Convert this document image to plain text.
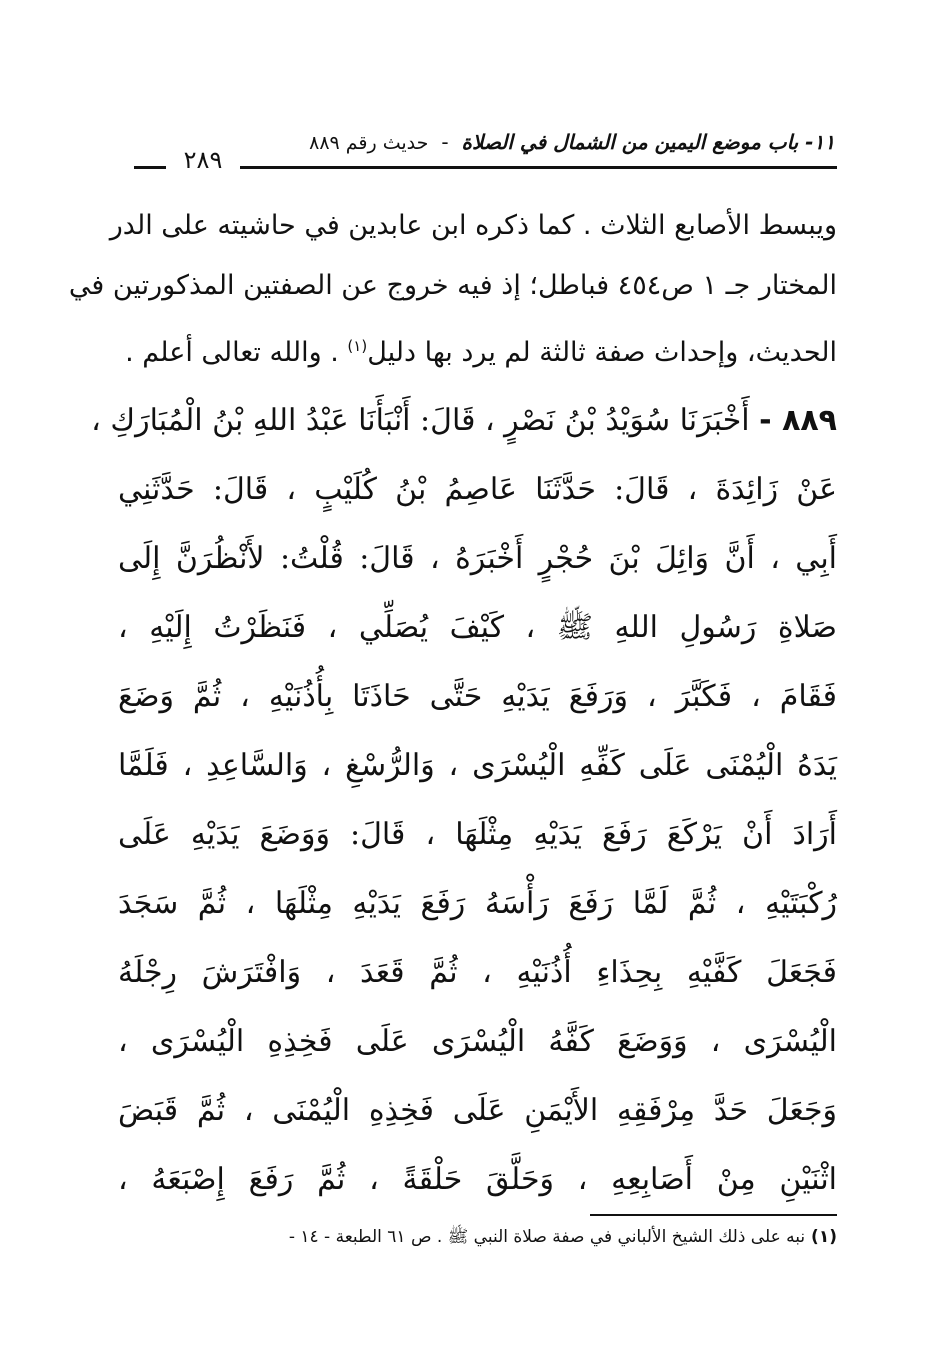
١١- باب موضع اليمين من الشمال في الصلاة - حديث رقم ٨٨٩
٢٨٩
ويبسط الأصابع الثلاث . كما ذكره ابن عابدين في حاشيته على الدر
المختار جـ ١ ص٤٥٤ فباطل؛ إذ فيه خروج عن الصفتين المذكورتين في
الحديث، وإحداث صفة ثالثة لم يرد بها دليل$^{(١)}$ . والله تعالى أعلم .
٨٨٩ - أَخْبَرَنَا سُوَيْدُ بْنُ نَصْرٍ ، قَالَ: أَنْبَأَنَا عَبْدُ اللهِ بْنُ الْمُبَارَكِ ،
عَنْ زَائِدَةَ ، قَالَ: حَدَّثَنَا عَاصِمُ بْنُ كُلَيْبٍ ، قَالَ: حَدَّثَنِي
أَبِي ، أَنَّ وَائِلَ بْنَ حُجْرٍ أَخْبَرَهُ ، قَالَ: قُلْتُ: لأَنْظُرَنَّ إِلَى
صَلاةِ رَسُولِ اللهِ ﷺ ، كَيْفَ يُصَلِّي ، فَنَظَرْتُ إِلَيْهِ ،
فَقَامَ ، فَكَبَّرَ ، وَرَفَعَ يَدَيْهِ حَتَّى حَاذَتَا بِأُذُنَيْهِ ، ثُمَّ وَضَعَ
يَدَهُ الْيُمْنَى عَلَى كَفِّهِ الْيُسْرَى ، وَالرُّسْغِ ، وَالسَّاعِدِ ، فَلَمَّا
أَرَادَ أَنْ يَرْكَعَ رَفَعَ يَدَيْهِ مِثْلَهَا ، قَالَ: وَوَضَعَ يَدَيْهِ عَلَى
رُكْبَتَيْهِ ، ثُمَّ لَمَّا رَفَعَ رَأْسَهُ رَفَعَ يَدَيْهِ مِثْلَهَا ، ثُمَّ سَجَدَ
فَجَعَلَ كَفَّيْهِ بِحِذَاءِ أُذُنَيْهِ ، ثُمَّ قَعَدَ ، وَافْتَرَشَ رِجْلَهُ
الْيُسْرَى ، وَوَضَعَ كَفَّهُ الْيُسْرَى عَلَى فَخِذِهِ الْيُسْرَى ،
وَجَعَلَ حَدَّ مِرْفَقِهِ الأَيْمَنِ عَلَى فَخِذِهِ الْيُمْنَى ، ثُمَّ قَبَضَ
اثْنَيْنِ مِنْ أَصَابِعِهِ ، وَحَلَّقَ حَلْقَةً ، ثُمَّ رَفَعَ إِصْبَعَهُ ،
(١) نبه على ذلك الشيخ الألباني في صفة صلاة النبي ﷺ . ص ٦١ الطبعة - ١٤ -
